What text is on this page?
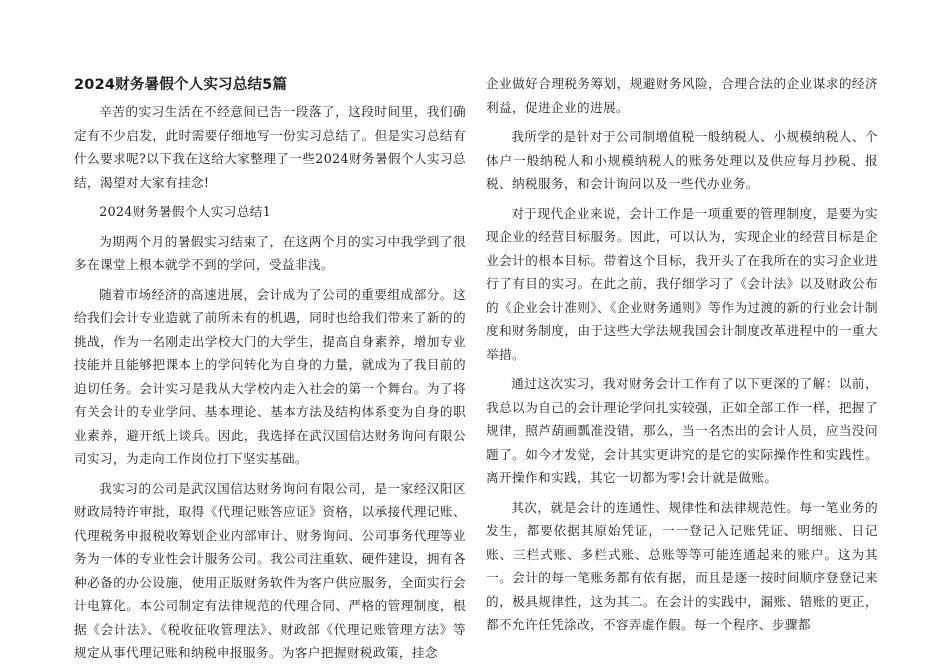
2024财务暑假个人实习总结5篇

辛苦的实习生活在不经意间已告一段落了，这段时间里，我们确定有不少启发，此时需要仔细地写一份实习总结了。但是实习总结有什么要求呢?以下我在这给大家整理了一些2024财务暑假个人实习总结，渴望对大家有挂念!

2024财务暑假个人实习总结1

为期两个月的暑假实习结束了，在这两个月的实习中我学到了很多在课堂上根本就学不到的学问，受益非浅。

随着市场经济的高速进展，会计成为了公司的重要组成部分。这给我们会计专业造就了前所未有的机遇，同时也给我们带来了新的的挑战，作为一名刚走出学校大门的大学生，提高自身素养，增加专业技能并且能够把课本上的学问转化为自身的力量，就成为了我目前的迫切任务。会计实习是我从大学校内走入社会的第一个舞台。为了将有关会计的专业学问、基本理论、基本方法及结构体系变为自身的职业素养，避开纸上谈兵。因此，我选择在武汉国信达财务询问有限公司实习，为走向工作岗位打下坚实基础。

我实习的公司是武汉国信达财务询问有限公司，是一家经汉阳区财政局特许审批，取得《代理记账答应证》资格，以承接代理记账、代理税务申报税收筹划企业内部审计、财务询问、公司事务代理等业务为一体的专业性会计服务公司。我公司注重软、硬件建设，拥有各种必备的办公设施，使用正版财务软件为客户供应服务，全面实行会计电算化。本公司制定有法律规范的代理合同、严格的管理制度，根据《会计法》、《税收征收管理法》、财政部《代理记账管理方法》等规定从事代理记账和纳税申报服务。为客户把握财税政策，挂念

企业做好合理税务筹划，规避财务风险，合理合法的企业谋求的经济利益，促进企业的进展。

我所学的是针对于公司制增值税一般纳税人、小规模纳税人、个体户一般纳税人和小规模纳税人的账务处理以及供应每月抄税、报税、纳税服务，和会计询问以及一些代办业务。

对于现代企业来说，会计工作是一项重要的管理制度，是要为实现企业的经营目标服务。因此，可以认为，实现企业的经营目标是企业会计的根本目标。带着这个目标，我开头了在我所在的实习企业进行了有目的实习。在此之前，我仔细学习了《会计法》以及财政公布的《企业会计准则》、《企业财务通则》等作为过渡的新的行业会计制度和财务制度，由于这些大学法规我国会计制度改革进程中的一重大举措。

通过这次实习，我对财务会计工作有了以下更深的了解：以前，我总以为自己的会计理论学问扎实较强，正如全部工作一样，把握了规律，照芦葫画瓢准没错，那么，当一名杰出的会计人员，应当没问题了。如今才发觉，会计其实更讲究的是它的实际操作性和实践性。离开操作和实践，其它一切都为零!会计就是做账。

其次，就是会计的连通性、规律性和法律规范性。每一笔业务的发生，都要依据其原始凭证，一一登记入记账凭证、明细账、日记账、三栏式账、多栏式账、总账等等可能连通起来的账户。这为其一。会计的每一笔账务都有依有据，而且是逐一按时间顺序登登记来的，极具规律性，这为其二。在会计的实践中，漏账、错账的更正，都不允许任凭涂改，不容弄虚作假。每一个程序、步骤都
